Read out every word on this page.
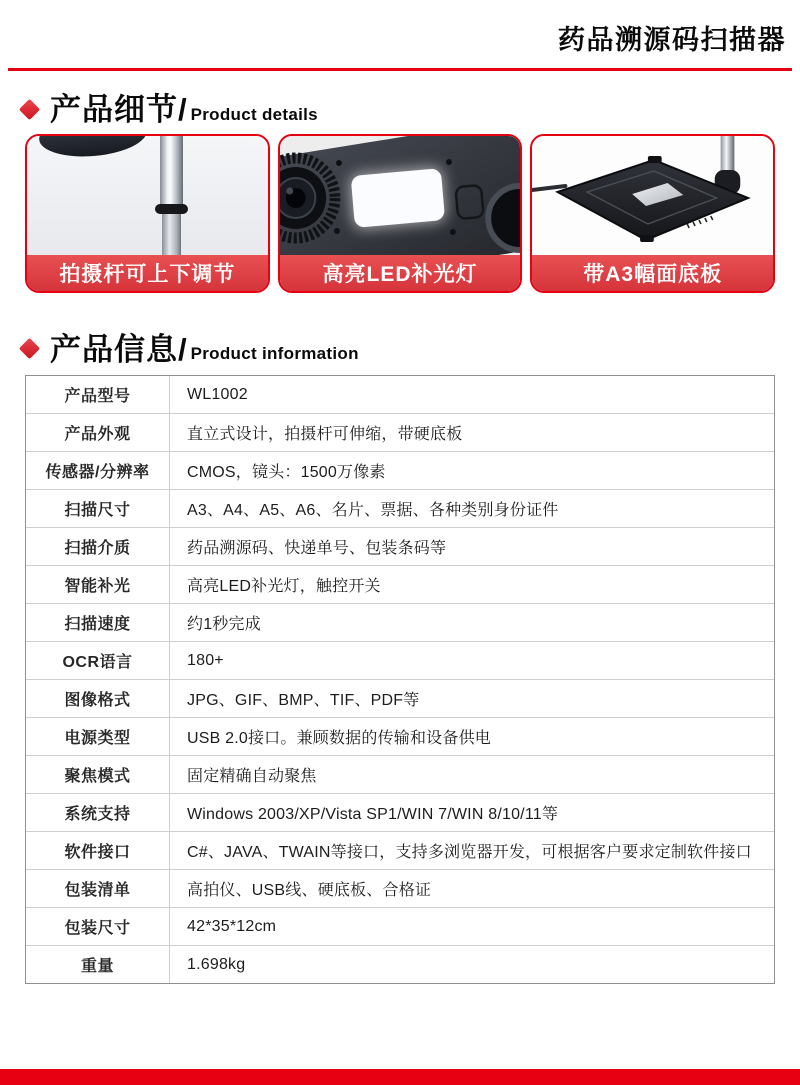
药品溯源码扫描器
产品细节/ Product details
拍摄杆可上下调节	高亮LED补光灯	带A3幅面底板
产品信息/ Product information
产品型号	WL1002
产品外观	直立式设计，拍摄杆可伸缩，带硬底板
传感器/分辨率	CMOS，镜头：1500万像素
扫描尺寸	A3、A4、A5、A6、名片、票据、各种类别身份证件
扫描介质	药品溯源码、快递单号、包装条码等
智能补光	高亮LED补光灯，触控开关
扫描速度	约1秒完成
OCR语言	180+
图像格式	JPG、GIF、BMP、TIF、PDF等
电源类型	USB 2.0接口。兼顾数据的传输和设备供电
聚焦模式	固定精确自动聚焦
系统支持	Windows 2003/XP/Vista SP1/WIN 7/WIN 8/10/11等
软件接口	C#、JAVA、TWAIN等接口，支持多浏览器开发，可根据客户要求定制软件接口
包装清单	高拍仪、USB线、硬底板、合格证
包装尺寸	42*35*12cm
重量	1.698kg
